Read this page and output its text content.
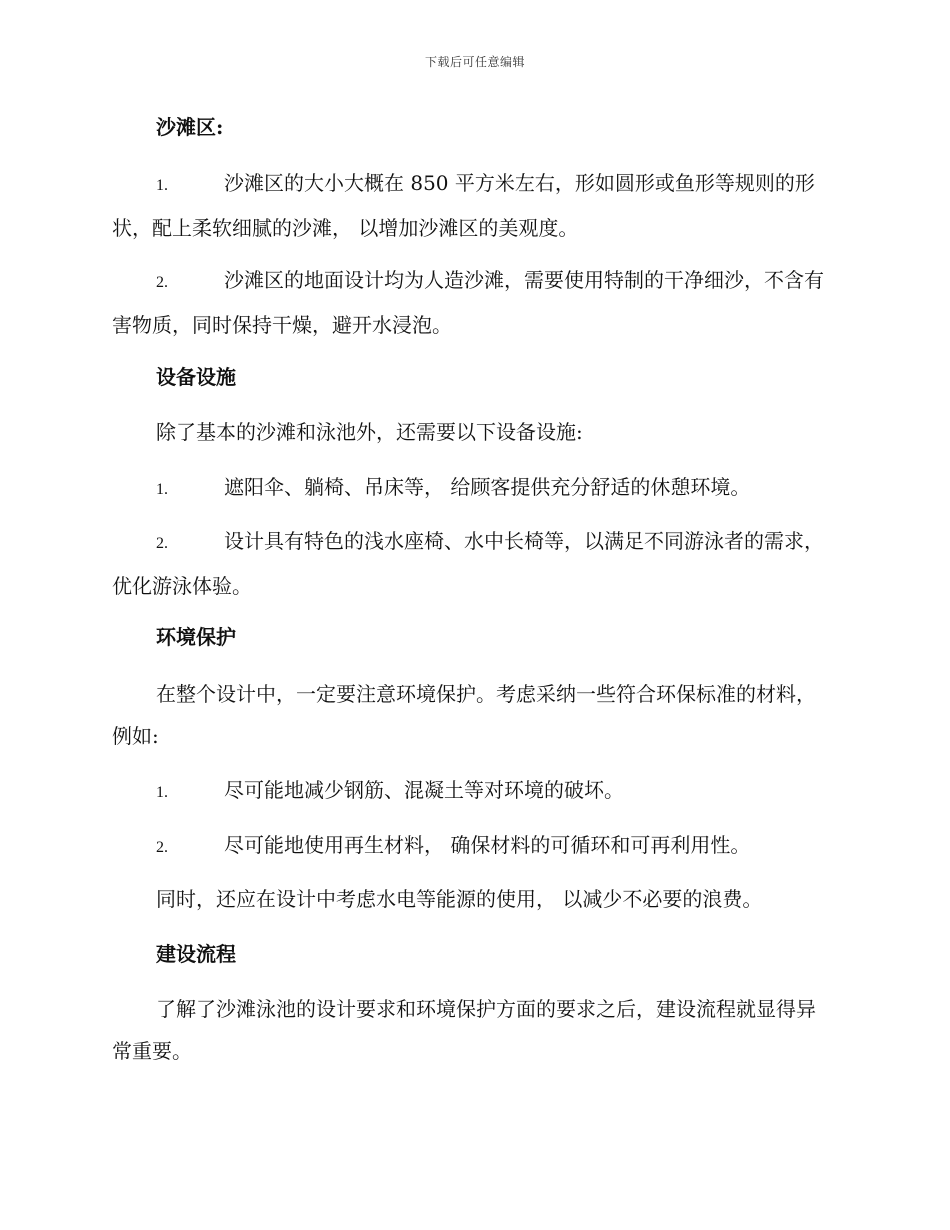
下载后可任意编辑
沙滩区:
1.	沙滩区的大小大概在 850 平方米左右，形如圆形或鱼形等规则的形状，配上柔软细腻的沙滩， 以增加沙滩区的美观度。
2.	沙滩区的地面设计均为人造沙滩，需要使用特制的干净细沙，不含有害物质，同时保持干燥，避开水浸泡。
设备设施
除了基本的沙滩和泳池外，还需要以下设备设施:
1.	遮阳伞、躺椅、吊床等， 给顾客提供充分舒适的休憩环境。
2.	设计具有特色的浅水座椅、水中长椅等，以满足不同游泳者的需求， 优化游泳体验。
环境保护
在整个设计中，一定要注意环境保护。考虑采纳一些符合环保标准的材料，例如:
1.	尽可能地减少钢筋、混凝土等对环境的破坏。
2.	尽可能地使用再生材料， 确保材料的可循环和可再利用性。
同时，还应在设计中考虑水电等能源的使用， 以减少不必要的浪费。
建设流程
了解了沙滩泳池的设计要求和环境保护方面的要求之后，建设流程就显得异常重要。
